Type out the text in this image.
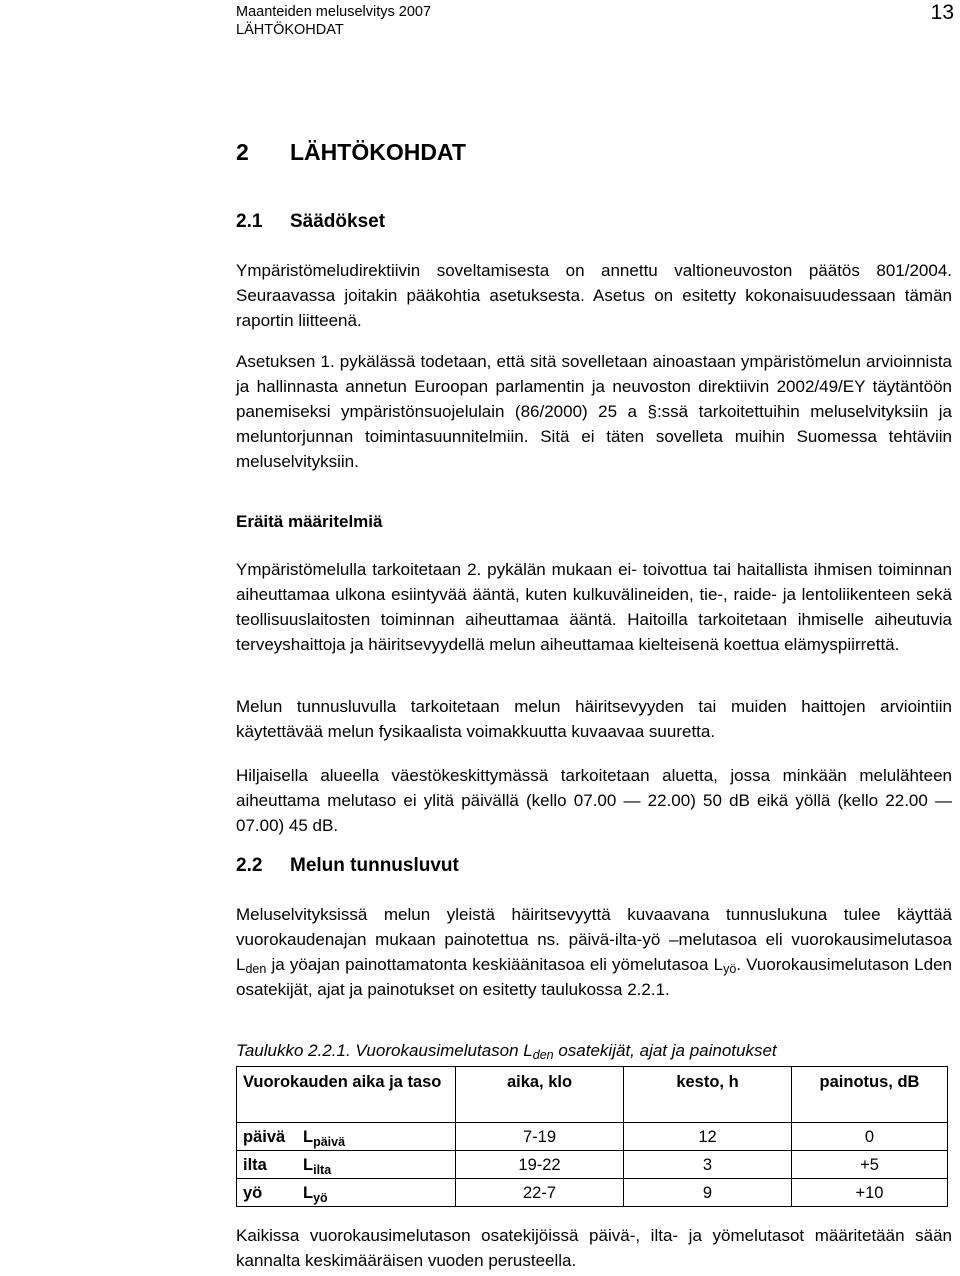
Maanteiden meluselvitys 2007
LÄHTÖKOHDAT
13
2 LÄHTÖKOHDAT
2.1 Säädökset

Ympäristömeludirektiivin soveltamisesta on annettu valtioneuvoston päätös 801/2004. Seuraavassa joitakin pääkohtia asetuksesta. Asetus on esitetty kokonaisuudessaan tämän raportin liitteenä.

Asetuksen 1. pykälässä todetaan, että sitä sovelletaan ainoastaan ympäristömelun arvioinnista ja hallinnasta annetun Euroopan parlamentin ja neuvoston direktiivin 2002/49/EY täytäntöön panemiseksi ympäristönsuojelulain (86/2000) 25 a §:ssä tarkoitettuihin meluselvityksiin ja meluntorjunnan toimintasuunnitelmiin. Sitä ei täten sovelleta muihin Suomessa tehtäviin meluselvityksiin.

Eräitä määritelmiä

Ympäristömelulla tarkoitetaan 2. pykälän mukaan ei- toivottua tai haitallista ihmisen toiminnan aiheuttamaa ulkona esiintyvää ääntä, kuten kulkuvälineiden, tie-, raide- ja lentoliikenteen sekä teollisuuslaitosten toiminnan aiheuttamaa ääntä. Haitoilla tarkoitetaan ihmiselle aiheutuvia terveyshaittoja ja häiritsevyydellä melun aiheuttamaa kielteisenä koettua elämyspiirrettä.

Melun tunnusluvulla tarkoitetaan melun häiritsevyyden tai muiden haittojen arviointiin käytettävää melun fysikaalista voimakkuutta kuvaavaa suuretta.

Hiljaisella alueella väestökeskittymässä tarkoitetaan aluetta, jossa minkään melulähteen aiheuttama melutaso ei ylitä päivällä (kello 07.00 — 22.00) 50 dB eikä yöllä (kello 22.00 — 07.00) 45 dB.

2.2 Melun tunnusluvut

Meluselvityksissä melun yleistä häiritsevyyttä kuvaavana tunnuslukuna tulee käyttää vuorokaudenajan mukaan painotettua ns. päivä-ilta-yö –melutasoa eli vuorokausimelutasoa $L_{den}$ ja yöajan painottamatonta keskiäänitasoa eli yömelutasoa $L_{yö}$. Vuorokausimelutason Lden osatekijät, ajat ja painotukset on esitetty taulukossa 2.2.1.

Taulukko 2.2.1. Vuorokausimelutason $L_{den}$ osatekijät, ajat ja painotukset
Vuorokauden aika ja taso	aika, klo	kesto, h	painotus, dB
päivä $L_{päivä}$	7-19	12	0
ilta $L_{ilta}$	19-22	3	+5
yö $L_{yö}$	22-7	9	+10

Kaikissa vuorokausimelutason osatekijöissä päivä-, ilta- ja yömelutasot määritetään sään kannalta keskimääräisen vuoden perusteella.
